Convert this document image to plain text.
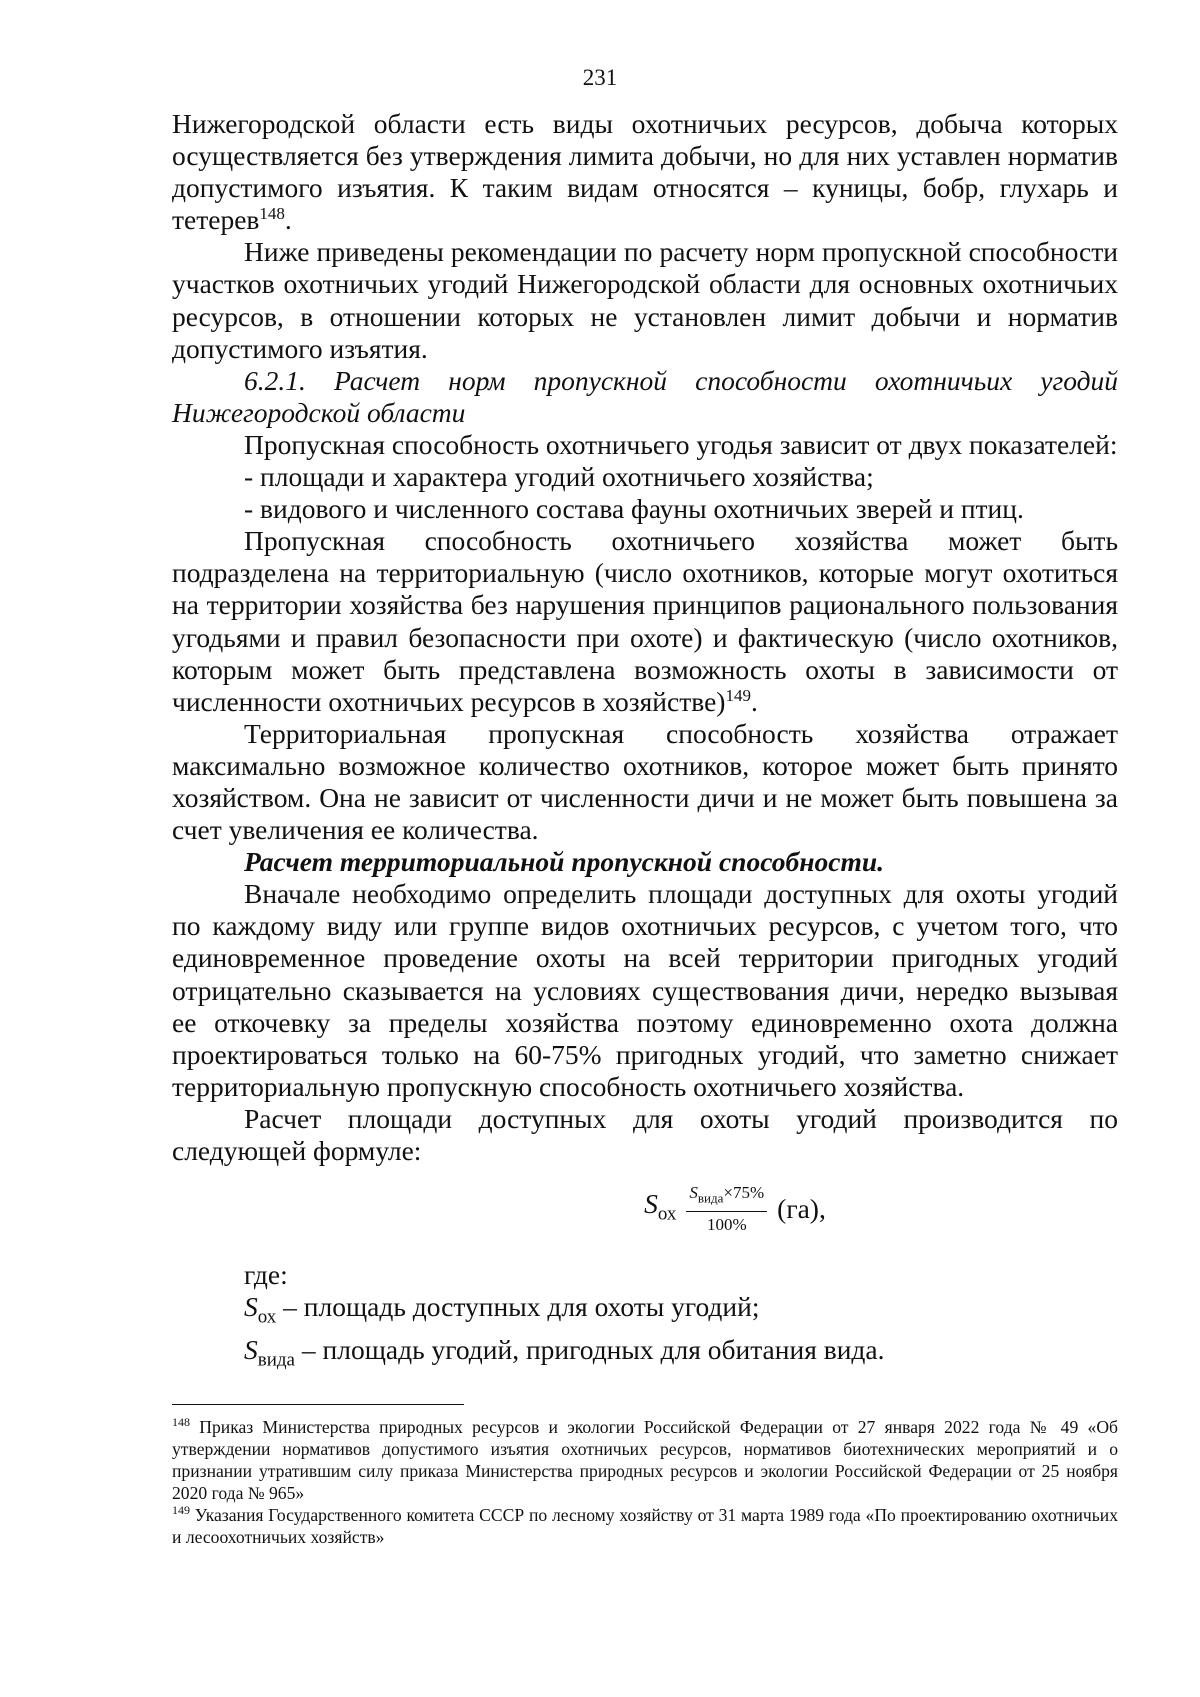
231

Нижегородской области есть виды охотничьих ресурсов, добыча которых осуществляется без утверждения лимита добычи, но для них уставлен норматив допустимого изъятия. К таким видам относятся – куницы, бобр, глухарь и тетерев$^{148}$.

Ниже приведены рекомендации по расчету норм пропускной способности участков охотничьих угодий Нижегородской области для основных охотничьих ресурсов, в отношении которых не установлен лимит добычи и норматив допустимого изъятия.

6.2.1. Расчет норм пропускной способности охотничьих угодий Нижегородской области

Пропускная способность охотничьего угодья зависит от двух показателей:

- площади и характера угодий охотничьего хозяйства;

- видового и численного состава фауны охотничьих зверей и птиц.

Пропускная способность охотничьего хозяйства может быть подразделена на территориальную (число охотников, которые могут охотиться на территории хозяйства без нарушения принципов рационального пользования угодьями и правил безопасности при охоте) и фактическую (число охотников, которым может быть представлена возможность охоты в зависимости от численности охотничьих ресурсов в хозяйстве)$^{149}$.

Территориальная пропускная способность хозяйства отражает максимально возможное количество охотников, которое может быть принято хозяйством. Она не зависит от численности дичи и не может быть повышена за счет увеличения ее количества.

Расчет территориальной пропускной способности.

Вначале необходимо определить площади доступных для охоты угодий по каждому виду или группе видов охотничьих ресурсов, с учетом того, что единовременное проведение охоты на всей территории пригодных угодий отрицательно сказывается на условиях существования дичи, нередко вызывая ее откочевку за пределы хозяйства поэтому единовременно охота должна проектироваться только на 60-75% пригодных угодий, что заметно снижает территориальную пропускную способность охотничьего хозяйства.

Расчет площади доступных для охоты угодий производится по следующей формуле:

$S_{ох} \frac{S_{вида}\times 75\%}{100\%} (га)$,

где:

$S_{ох}$ – площадь доступных для охоты угодий;

$S_{вида}$ – площадь угодий, пригодных для обитания вида.

$^{148}$ Приказ Министерства природных ресурсов и экологии Российской Федерации от 27 января 2022 года № 49 «Об утверждении нормативов допустимого изъятия охотничьих ресурсов, нормативов биотехнических мероприятий и о признании утратившим силу приказа Министерства природных ресурсов и экологии Российской Федерации от 25 ноября 2020 года № 965»

$^{149}$ Указания Государственного комитета СССР по лесному хозяйству от 31 марта 1989 года «По проектированию охотничьих и лесоохотничьих хозяйств»
